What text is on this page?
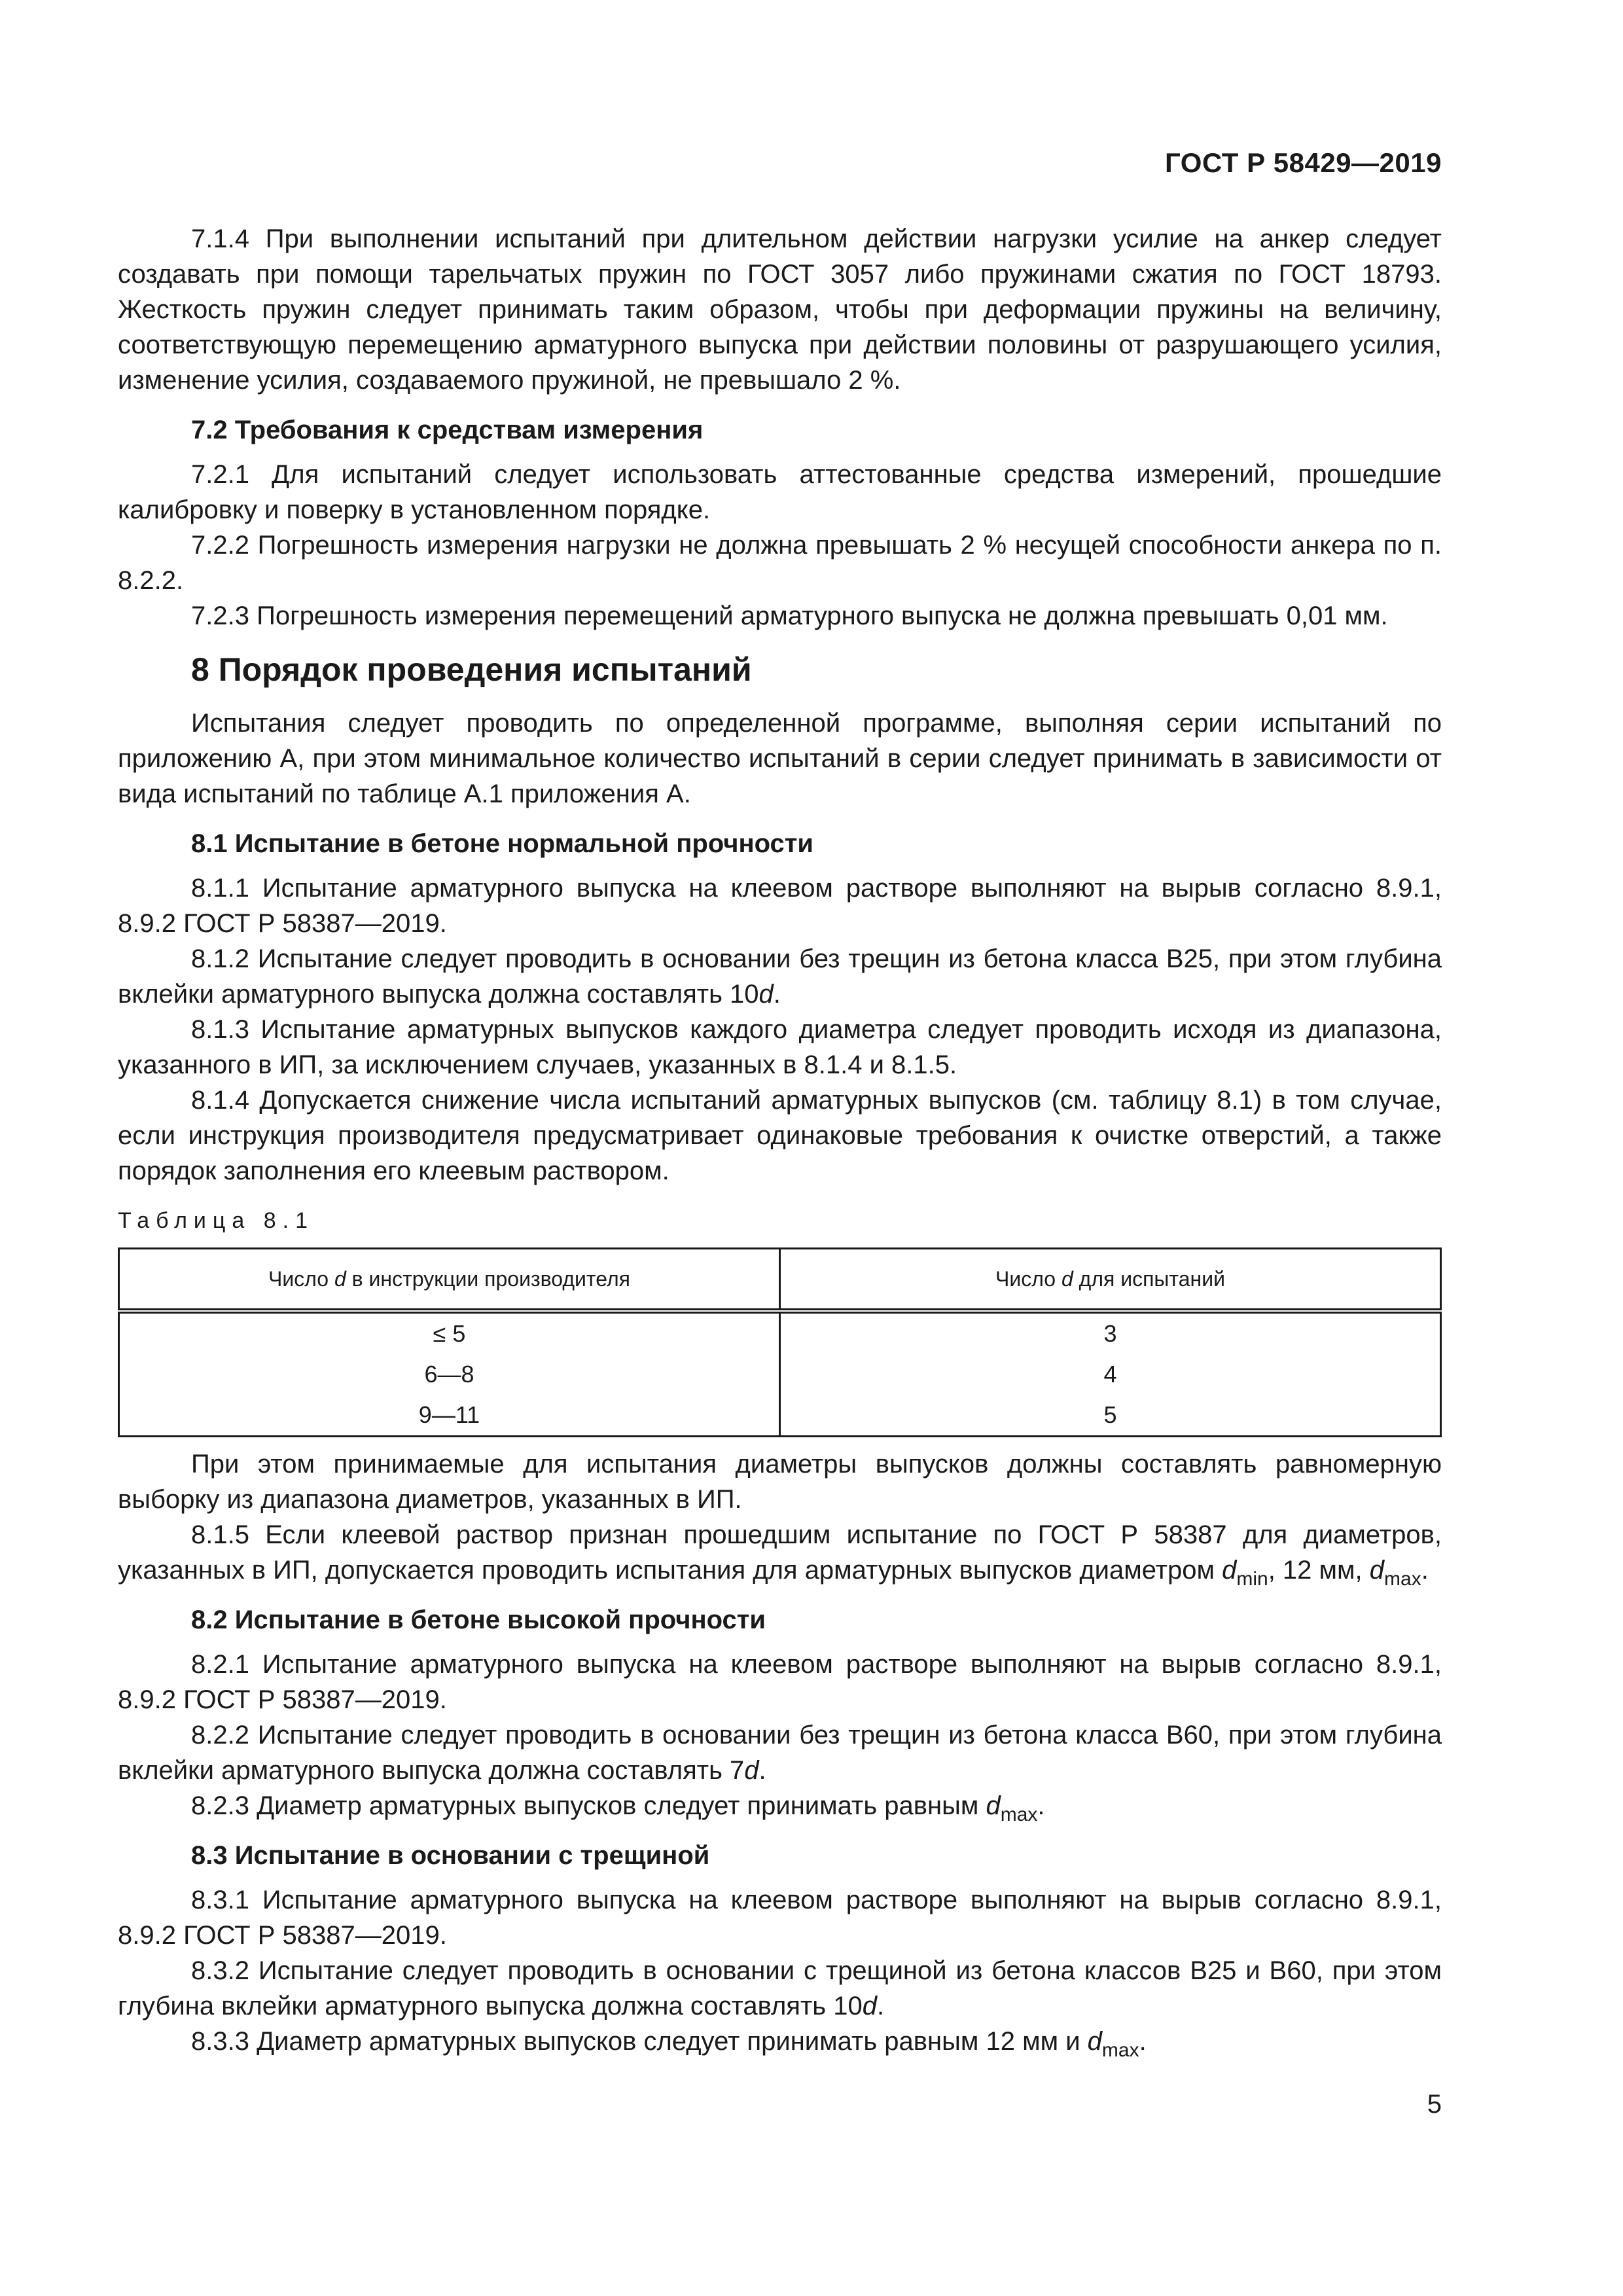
ГОСТ Р 58429—2019

7.1.4 При выполнении испытаний при длительном действии нагрузки усилие на анкер следует создавать при помощи тарельчатых пружин по ГОСТ 3057 либо пружинами сжатия по ГОСТ 18793. Жесткость пружин следует принимать таким образом, чтобы при деформации пружины на величину, соответствующую перемещению арматурного выпуска при действии половины от разрушающего усилия, изменение усилия, создаваемого пружиной, не превышало 2 %.

7.2 Требования к средствам измерения

7.2.1 Для испытаний следует использовать аттестованные средства измерений, прошедшие калибровку и поверку в установленном порядке.

7.2.2 Погрешность измерения нагрузки не должна превышать 2 % несущей способности анкера по п. 8.2.2.

7.2.3 Погрешность измерения перемещений арматурного выпуска не должна превышать 0,01 мм.

8 Порядок проведения испытаний

Испытания следует проводить по определенной программе, выполняя серии испытаний по приложению А, при этом минимальное количество испытаний в серии следует принимать в зависимости от вида испытаний по таблице А.1 приложения А.

8.1 Испытание в бетоне нормальной прочности

8.1.1 Испытание арматурного выпуска на клеевом растворе выполняют на вырыв согласно 8.9.1, 8.9.2 ГОСТ Р 58387—2019.

8.1.2 Испытание следует проводить в основании без трещин из бетона класса В25, при этом глубина вклейки арматурного выпуска должна составлять 10d.

8.1.3 Испытание арматурных выпусков каждого диаметра следует проводить исходя из диапазона, указанного в ИП, за исключением случаев, указанных в 8.1.4 и 8.1.5.

8.1.4 Допускается снижение числа испытаний арматурных выпусков (см. таблицу 8.1) в том случае, если инструкция производителя предусматривает одинаковые требования к очистке отверстий, а также порядок заполнения его клеевым раствором.

Таблица 8.1
Число d в инструкции производителя	Число d для испытаний
≤ 5	3
6—8	4
9—11	5

При этом принимаемые для испытания диаметры выпусков должны составлять равномерную выборку из диапазона диаметров, указанных в ИП.

8.1.5 Если клеевой раствор признан прошедшим испытание по ГОСТ Р 58387 для диаметров, указанных в ИП, допускается проводить испытания для арматурных выпусков диаметром $d_{min}$, 12 мм, $d_{max}$.

8.2 Испытание в бетоне высокой прочности

8.2.1 Испытание арматурного выпуска на клеевом растворе выполняют на вырыв согласно 8.9.1, 8.9.2 ГОСТ Р 58387—2019.

8.2.2 Испытание следует проводить в основании без трещин из бетона класса В60, при этом глубина вклейки арматурного выпуска должна составлять 7d.

8.2.3 Диаметр арматурных выпусков следует принимать равным $d_{max}$.

8.3 Испытание в основании с трещиной

8.3.1 Испытание арматурного выпуска на клеевом растворе выполняют на вырыв согласно 8.9.1, 8.9.2 ГОСТ Р 58387—2019.

8.3.2 Испытание следует проводить в основании с трещиной из бетона классов В25 и В60, при этом глубина вклейки арматурного выпуска должна составлять 10d.

8.3.3 Диаметр арматурных выпусков следует принимать равным 12 мм и $d_{max}$.

5
